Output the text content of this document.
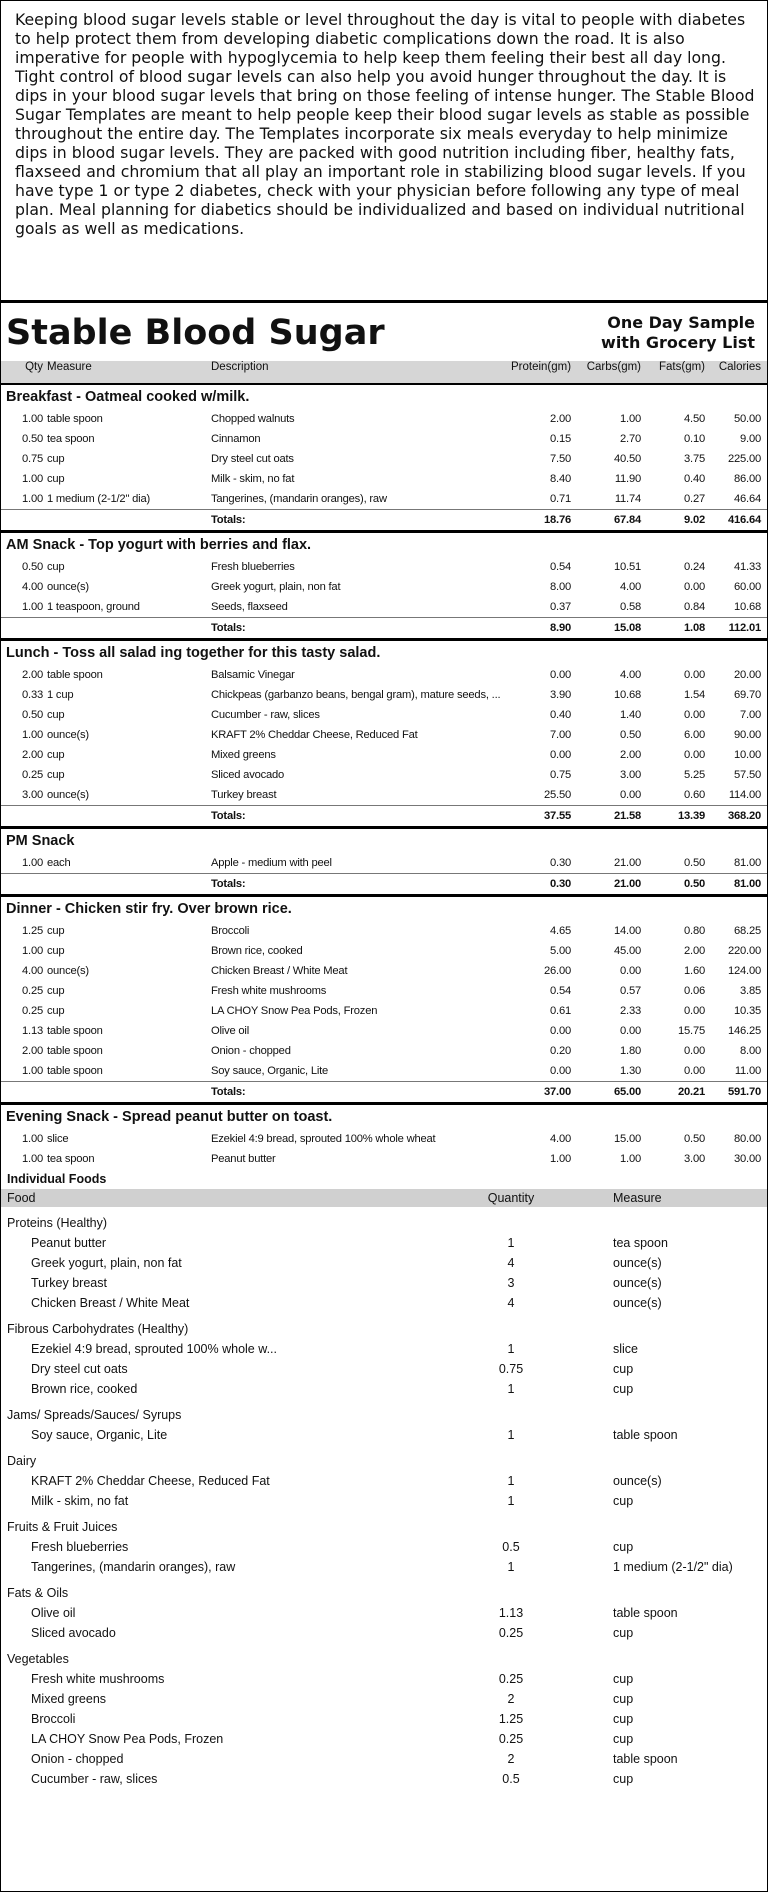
Keeping blood sugar levels stable or level throughout the day is vital to people with diabetes to help protect them from developing diabetic complications down the road. It is also imperative for people with hypoglycemia to help keep them feeling their best all day long. Tight control of blood sugar levels can also help you avoid hunger throughout the day. It is dips in your blood sugar levels that bring on those feeling of intense hunger. The Stable Blood Sugar Templates are meant to help people keep their blood sugar levels as stable as possible throughout the entire day. The Templates incorporate six meals everyday to help minimize dips in blood sugar levels. They are packed with good nutrition including fiber, healthy fats, flaxseed and chromium that all play an important role in stabilizing blood sugar levels. If you have type 1 or type 2 diabetes, check with your physician before following any type of meal plan. Meal planning for diabetics should be individualized and based on individual nutritional goals as well as medications.
Stable Blood Sugar	One Day Sample
with Grocery List
Qty Measure	Description	Protein(gm)	Carbs(gm)	Fats(gm)	Calories
Breakfast - Oatmeal cooked w/milk.
1.00 table spoon	Chopped walnuts	2.00	1.00	4.50	50.00
0.50 tea spoon	Cinnamon	0.15	2.70	0.10	9.00
0.75 cup	Dry steel cut oats	7.50	40.50	3.75	225.00
1.00 cup	Milk - skim, no fat	8.40	11.90	0.40	86.00
1.00 1 medium (2-1/2" dia)	Tangerines, (mandarin oranges), raw	0.71	11.74	0.27	46.64
Totals:	18.76	67.84	9.02	416.64
AM Snack - Top yogurt with berries and flax.
0.50 cup	Fresh blueberries	0.54	10.51	0.24	41.33
4.00 ounce(s)	Greek yogurt, plain, non fat	8.00	4.00	0.00	60.00
1.00 1 teaspoon, ground	Seeds, flaxseed	0.37	0.58	0.84	10.68
Totals:	8.90	15.08	1.08	112.01
Lunch - Toss all salad ing together for this tasty salad.
2.00 table spoon	Balsamic Vinegar	0.00	4.00	0.00	20.00
0.33 1 cup	Chickpeas (garbanzo beans, bengal gram), mature seeds, ...	3.90	10.68	1.54	69.70
0.50 cup	Cucumber - raw, slices	0.40	1.40	0.00	7.00
1.00 ounce(s)	KRAFT 2% Cheddar Cheese, Reduced Fat	7.00	0.50	6.00	90.00
2.00 cup	Mixed greens	0.00	2.00	0.00	10.00
0.25 cup	Sliced avocado	0.75	3.00	5.25	57.50
3.00 ounce(s)	Turkey breast	25.50	0.00	0.60	114.00
Totals:	37.55	21.58	13.39	368.20
PM Snack
1.00 each	Apple - medium with peel	0.30	21.00	0.50	81.00
Totals:	0.30	21.00	0.50	81.00
Dinner - Chicken stir fry. Over brown rice.
1.25 cup	Broccoli	4.65	14.00	0.80	68.25
1.00 cup	Brown rice, cooked	5.00	45.00	2.00	220.00
4.00 ounce(s)	Chicken Breast / White Meat	26.00	0.00	1.60	124.00
0.25 cup	Fresh white mushrooms	0.54	0.57	0.06	3.85
0.25 cup	LA CHOY Snow Pea Pods, Frozen	0.61	2.33	0.00	10.35
1.13 table spoon	Olive oil	0.00	0.00	15.75	146.25
2.00 table spoon	Onion - chopped	0.20	1.80	0.00	8.00
1.00 table spoon	Soy sauce, Organic, Lite	0.00	1.30	0.00	11.00
Totals:	37.00	65.00	20.21	591.70
Evening Snack - Spread peanut butter on toast.
1.00 slice	Ezekiel 4:9 bread, sprouted 100% whole wheat	4.00	15.00	0.50	80.00
1.00 tea spoon	Peanut butter	1.00	1.00	3.00	30.00
Individual Foods
Food	Quantity	Measure
Proteins (Healthy)
Peanut butter	1	tea spoon
Greek yogurt, plain, non fat	4	ounce(s)
Turkey breast	3	ounce(s)
Chicken Breast / White Meat	4	ounce(s)
Fibrous Carbohydrates (Healthy)
Ezekiel 4:9 bread, sprouted 100% whole w...	1	slice
Dry steel cut oats	0.75	cup
Brown rice, cooked	1	cup
Jams/ Spreads/Sauces/ Syrups
Soy sauce, Organic, Lite	1	table spoon
Dairy
KRAFT 2% Cheddar Cheese, Reduced Fat	1	ounce(s)
Milk - skim, no fat	1	cup
Fruits & Fruit Juices
Fresh blueberries	0.5	cup
Tangerines, (mandarin oranges), raw	1	1 medium (2-1/2" dia)
Fats & Oils
Olive oil	1.13	table spoon
Sliced avocado	0.25	cup
Vegetables
Fresh white mushrooms	0.25	cup
Mixed greens	2	cup
Broccoli	1.25	cup
LA CHOY Snow Pea Pods, Frozen	0.25	cup
Onion - chopped	2	table spoon
Cucumber - raw, slices	0.5	cup
